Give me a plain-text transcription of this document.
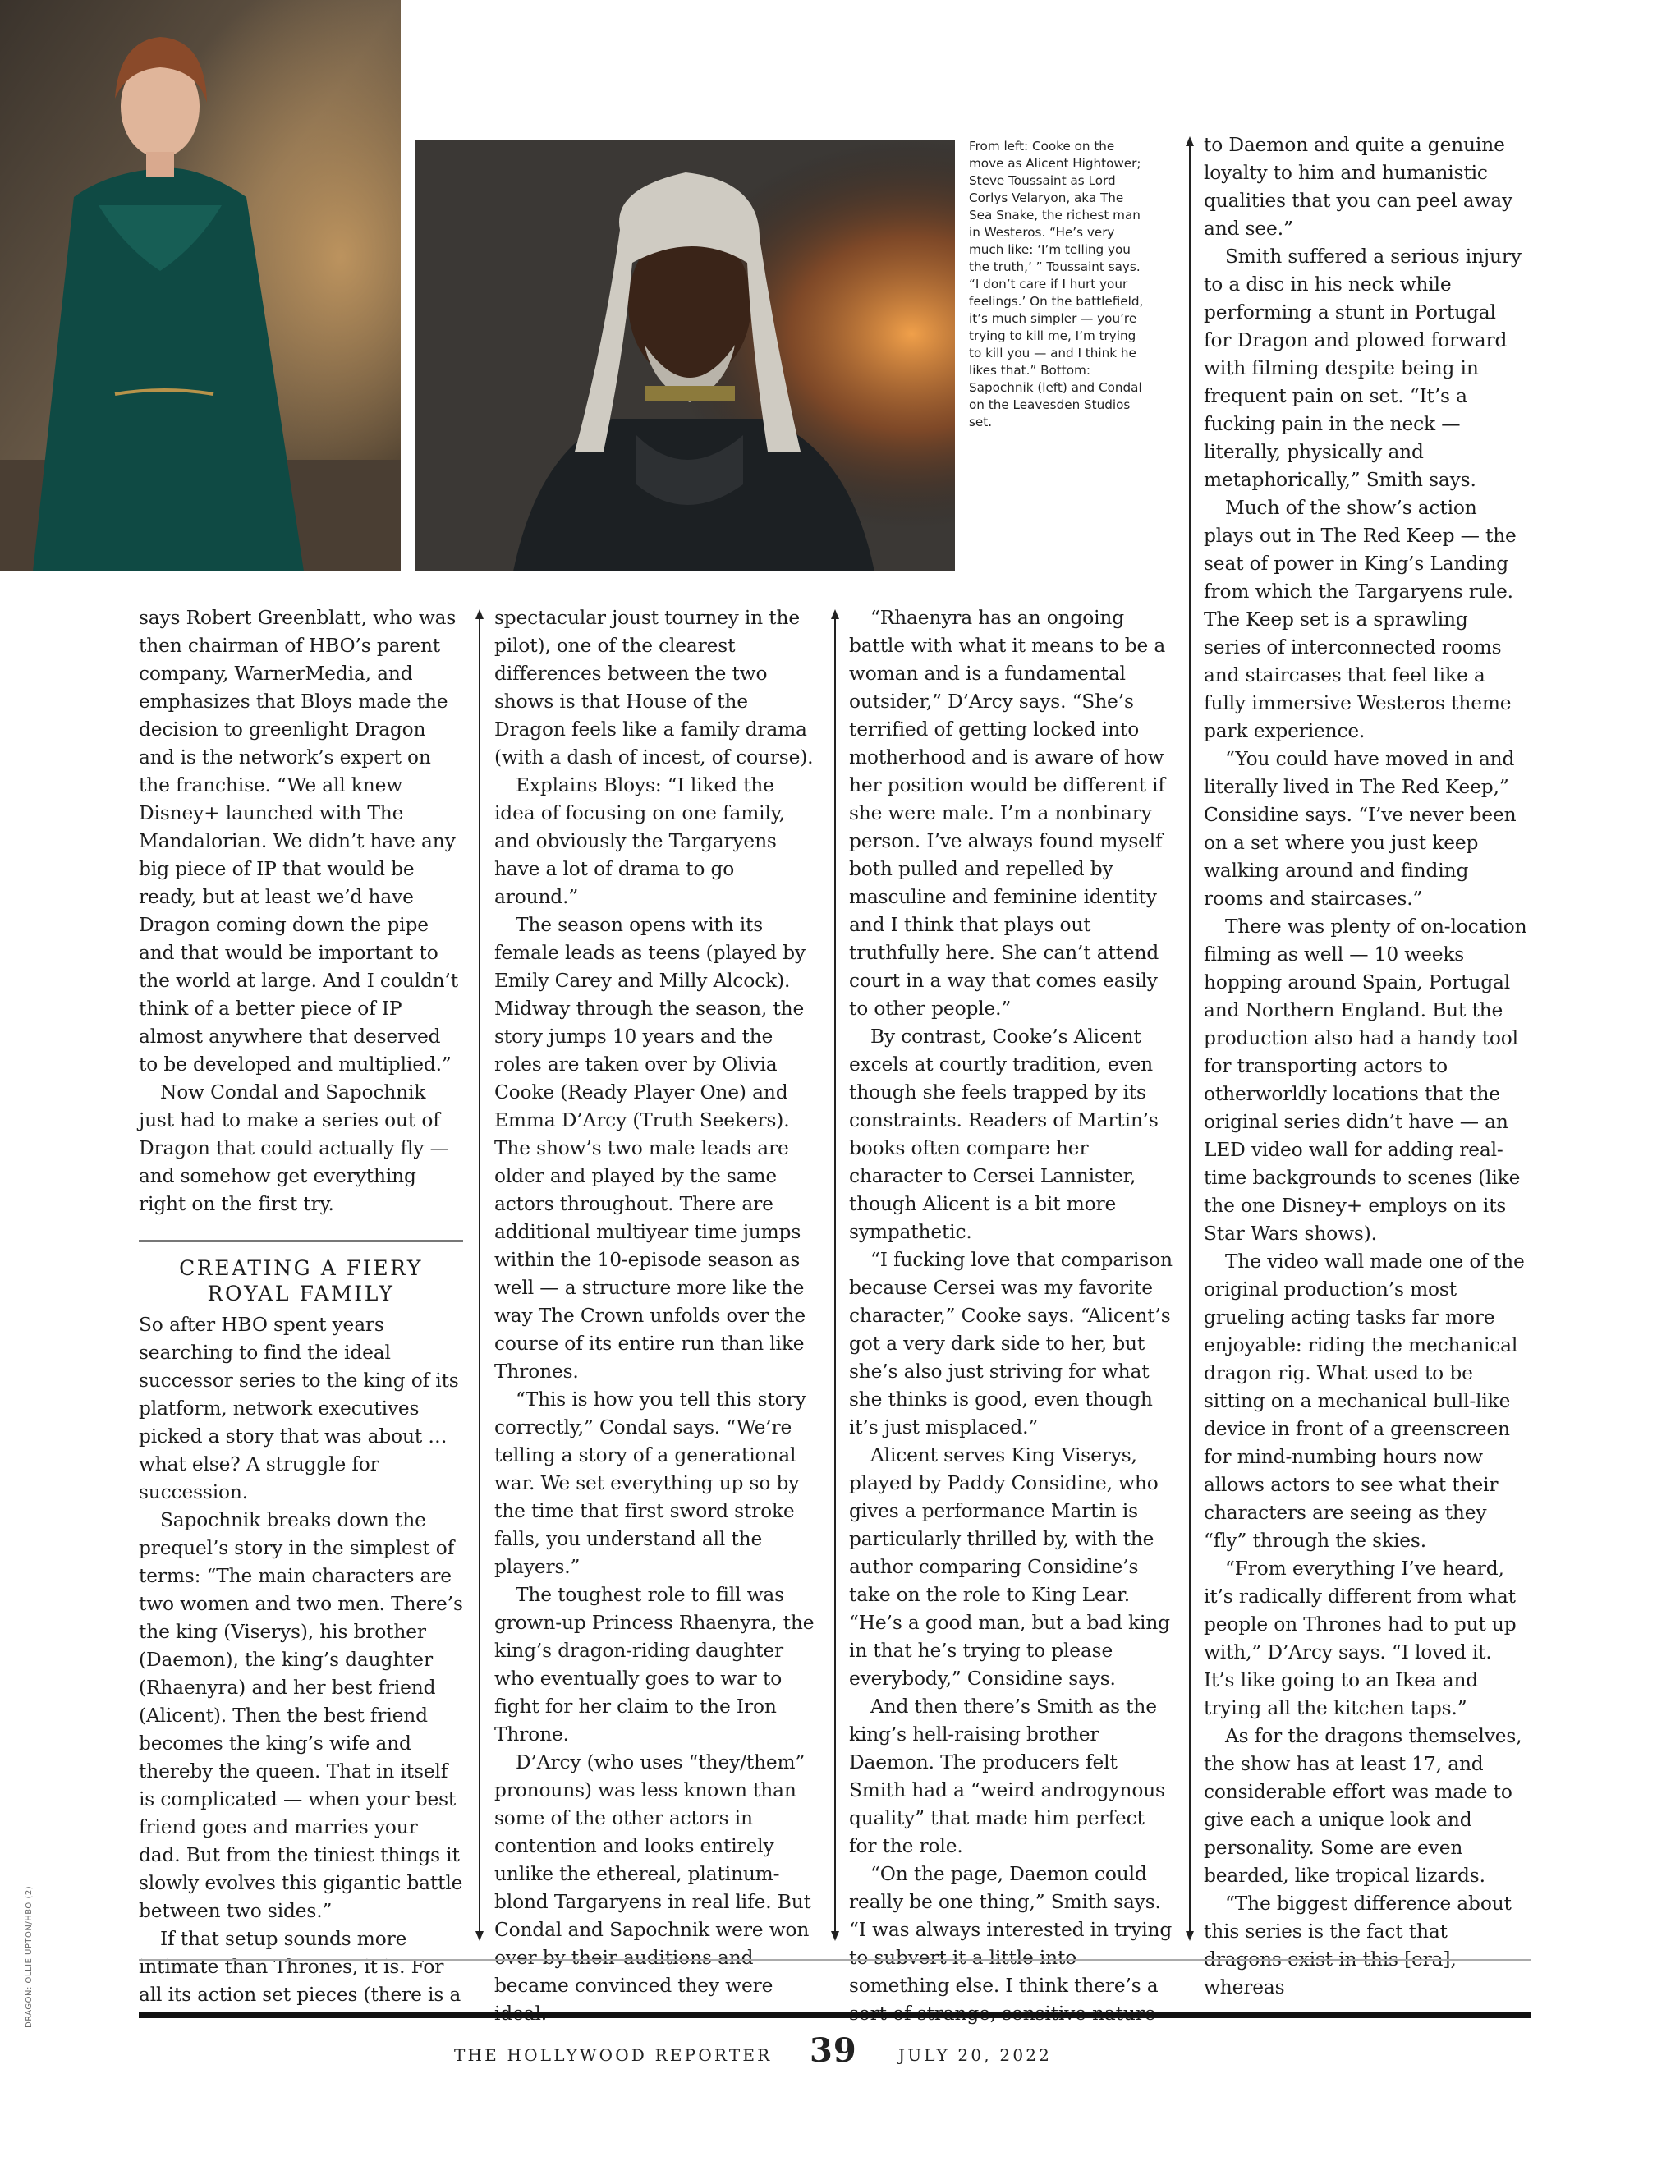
From left: Cooke on the move as Alicent Hightower; Steve Toussaint as Lord Corlys Velaryon, aka The Sea Snake, the richest man in Westeros. “He’s very much like: ‘I’m telling you the truth,’ ” Toussaint says. “I don’t care if I hurt your feelings.’ On the battlefield, it’s much simpler — you’re trying to kill me, I’m trying to kill you — and I think he likes that.” Bottom: Sapochnik (left) and Condal on the Leavesden Studios set.

says Robert Greenblatt, who was then chairman of HBO’s parent company, WarnerMedia, and emphasizes that Bloys made the decision to greenlight Dragon and is the network’s expert on the franchise. “We all knew Disney+ launched with The Mandalorian. We didn’t have any big piece of IP that would be ready, but at least we’d have Dragon coming down the pipe and that would be important to the world at large. And I couldn’t think of a better piece of IP almost anywhere that deserved to be developed and multiplied.”

Now Condal and Sapochnik just had to make a series out of Dragon that could actually fly — and somehow get everything right on the first try.

CREATING A FIERY ROYAL FAMILY

So after HBO spent years searching to find the ideal successor series to the king of its platform, network executives picked a story that was about … what else? A struggle for succession.

Sapochnik breaks down the prequel’s story in the simplest of terms: “The main characters are two women and two men. There’s the king (Viserys), his brother (Daemon), the king’s daughter (Rhaenyra) and her best friend (Alicent). Then the best friend becomes the king’s wife and thereby the queen. That in itself is complicated — when your best friend goes and marries your dad. But from the tiniest things it slowly evolves this gigantic battle between two sides.”

If that setup sounds more intimate than Thrones, it is. For all its action set pieces (there is a

spectacular joust tourney in the pilot), one of the clearest differences between the two shows is that House of the Dragon feels like a family drama (with a dash of incest, of course).

Explains Bloys: “I liked the idea of focusing on one family, and obviously the Targaryens have a lot of drama to go around.”

The season opens with its female leads as teens (played by Emily Carey and Milly Alcock). Midway through the season, the story jumps 10 years and the roles are taken over by Olivia Cooke (Ready Player One) and Emma D’Arcy (Truth Seekers). The show’s two male leads are older and played by the same actors throughout. There are additional multiyear time jumps within the 10-episode season as well — a structure more like the way The Crown unfolds over the course of its entire run than like Thrones.

“This is how you tell this story correctly,” Condal says. “We’re telling a story of a generational war. We set everything up so by the time that first sword stroke falls, you understand all the players.”

The toughest role to fill was grown-up Princess Rhaenyra, the king’s dragon-riding daughter who eventually goes to war to fight for her claim to the Iron Throne.

D’Arcy (who uses “they/them” pronouns) was less known than some of the other actors in contention and looks entirely unlike the ethereal, platinum-blond Targaryens in real life. But Condal and Sapochnik were won over by their auditions and became convinced they were

“Rhaenyra has an ongoing battle with what it means to be a woman and is a fundamental outsider,” D’Arcy says. “She’s terrified of getting locked into motherhood and is aware of how her position would be different if she were male. I’m a nonbinary person. I’ve always found myself both pulled and repelled by masculine and feminine identity and I think that plays out truthfully here. She can’t attend court in a way that comes easily to other people.”

By contrast, Cooke’s Alicent excels at courtly tradition, even though she feels trapped by its constraints. Readers of Martin’s books often compare her character to Cersei Lannister, though Alicent is a bit more sympathetic.

“I fucking love that comparison because Cersei was my favorite character,” Cooke says. “Alicent’s got a very dark side to her, but she’s also just striving for what she thinks is good, even though it’s just misplaced.”

Alicent serves King Viserys, played by Paddy Considine, who gives a performance Martin is particularly thrilled by, with the author comparing Considine’s take on the role to King Lear. “He’s a good man, but a bad king in that he’s trying to please everybody,” Considine says.

And then there’s Smith as the king’s hell-raising brother Daemon. The producers felt Smith had a “weird androgynous quality” that made him perfect for the role.

“On the page, Daemon could really be one thing,” Smith says. “I was always interested in trying to subvert it a little into something else. I think there’s a

to Daemon and quite a genuine loyalty to him and humanistic qualities that you can peel away and see.”

Smith suffered a serious injury to a disc in his neck while performing a stunt in Portugal for Dragon and plowed forward with filming despite being in frequent pain on set. “It’s a fucking pain in the neck — literally, physically and metaphorically,” Smith says.

Much of the show’s action plays out in The Red Keep — the seat of power in King’s Landing from which the Targaryens rule. The Keep set is a sprawling series of interconnected rooms and staircases that feel like a fully immersive Westeros theme park experience.

“You could have moved in and literally lived in The Red Keep,” Considine says. “I’ve never been on a set where you just keep walking around and finding rooms and staircases.”

There was plenty of on-location filming as well — 10 weeks hopping around Spain, Portugal and Northern England. But the production also had a handy tool for transporting actors to otherworldly locations that the original series didn’t have — an LED video wall for adding real-time backgrounds to scenes (like the one Disney+ employs on its Star Wars shows).

The video wall made one of the original production’s most grueling acting tasks far more enjoyable: riding the mechanical dragon rig. What used to be sitting on a mechanical bull-like device in front of a greenscreen for mind-numbing hours now allows actors to see what their characters are seeing as they “fly” through the skies.

“From everything I’ve heard, it’s radically different from what people on Thrones had to put up with,” D’Arcy says. “I loved it. It’s like going to an Ikea and trying all the kitchen taps.”

As for the dragons themselves, the show has at least 17, and considerable effort was made to give each a unique look and personality. Some are even bearded, like tropical lizards.

“The biggest difference about this series is the fact that dragons exist in this [era], whereas

THE HOLLYWOOD REPORTER 39	JULY 20, 2022
DRAGON: OLLIE UPTON/HBO (2)
